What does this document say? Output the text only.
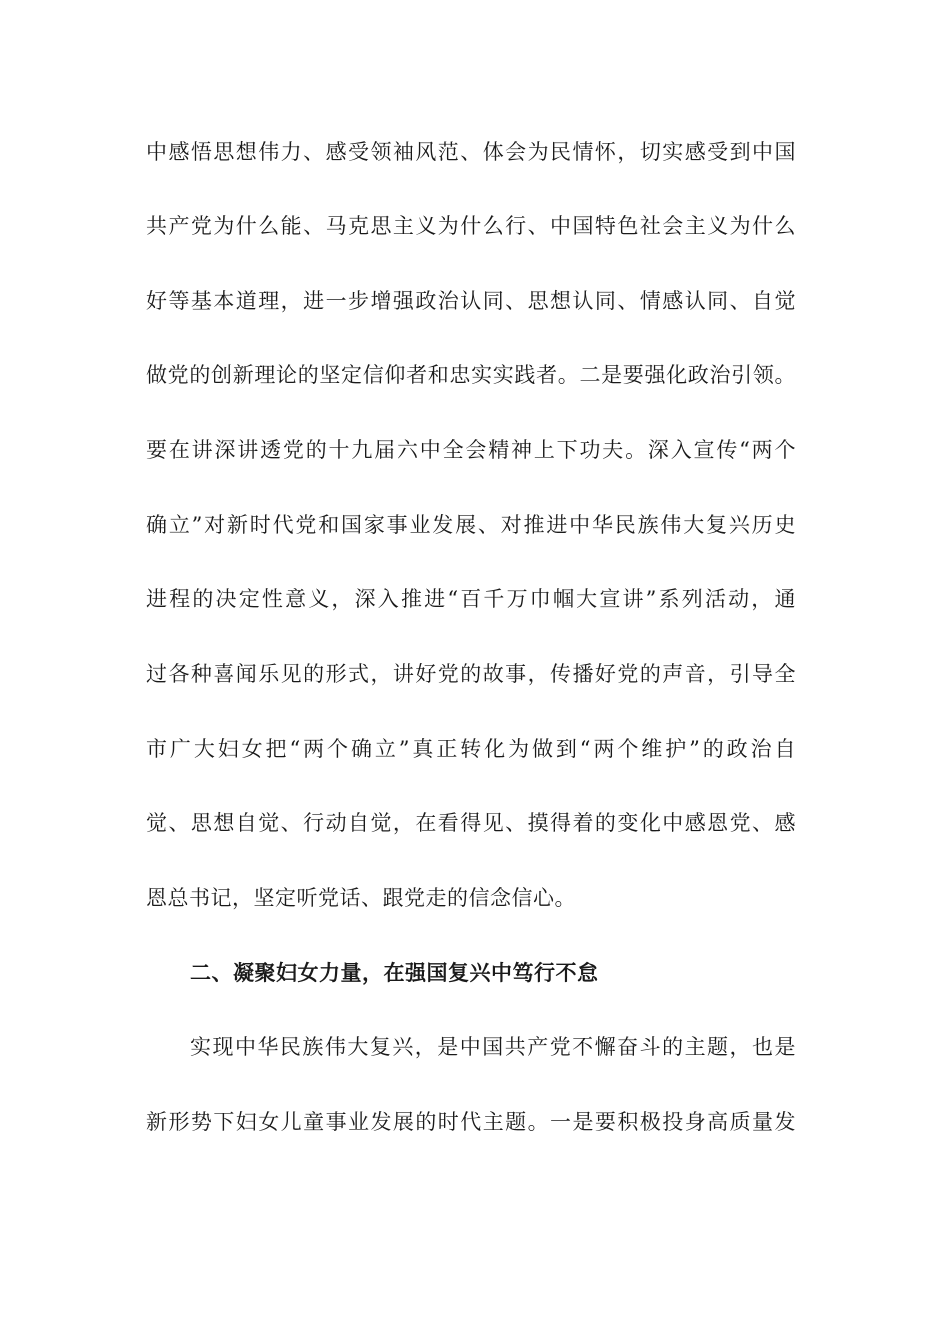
中感悟思想伟力、感受领袖风范、体会为民情怀，切实感受到中国
共产党为什么能、马克思主义为什么行、中国特色社会主义为什么
好等基本道理，进一步增强政治认同、思想认同、情感认同、自觉
做党的创新理论的坚定信仰者和忠实实践者。二是要强化政治引领。
要在讲深讲透党的十九届六中全会精神上下功夫。深入宣传“两个
确立”对新时代党和国家事业发展、对推进中华民族伟大复兴历史
进程的决定性意义，深入推进“百千万巾帼大宣讲”系列活动，通
过各种喜闻乐见的形式，讲好党的故事，传播好党的声音，引导全
市广大妇女把“两个确立”真正转化为做到“两个维护”的政治自
觉、思想自觉、行动自觉，在看得见、摸得着的变化中感恩党、感
恩总书记，坚定听党话、跟党走的信念信心。
二、凝聚妇女力量，在强国复兴中笃行不怠
实现中华民族伟大复兴，是中国共产党不懈奋斗的主题，也是
新形势下妇女儿童事业发展的时代主题。一是要积极投身高质量发
